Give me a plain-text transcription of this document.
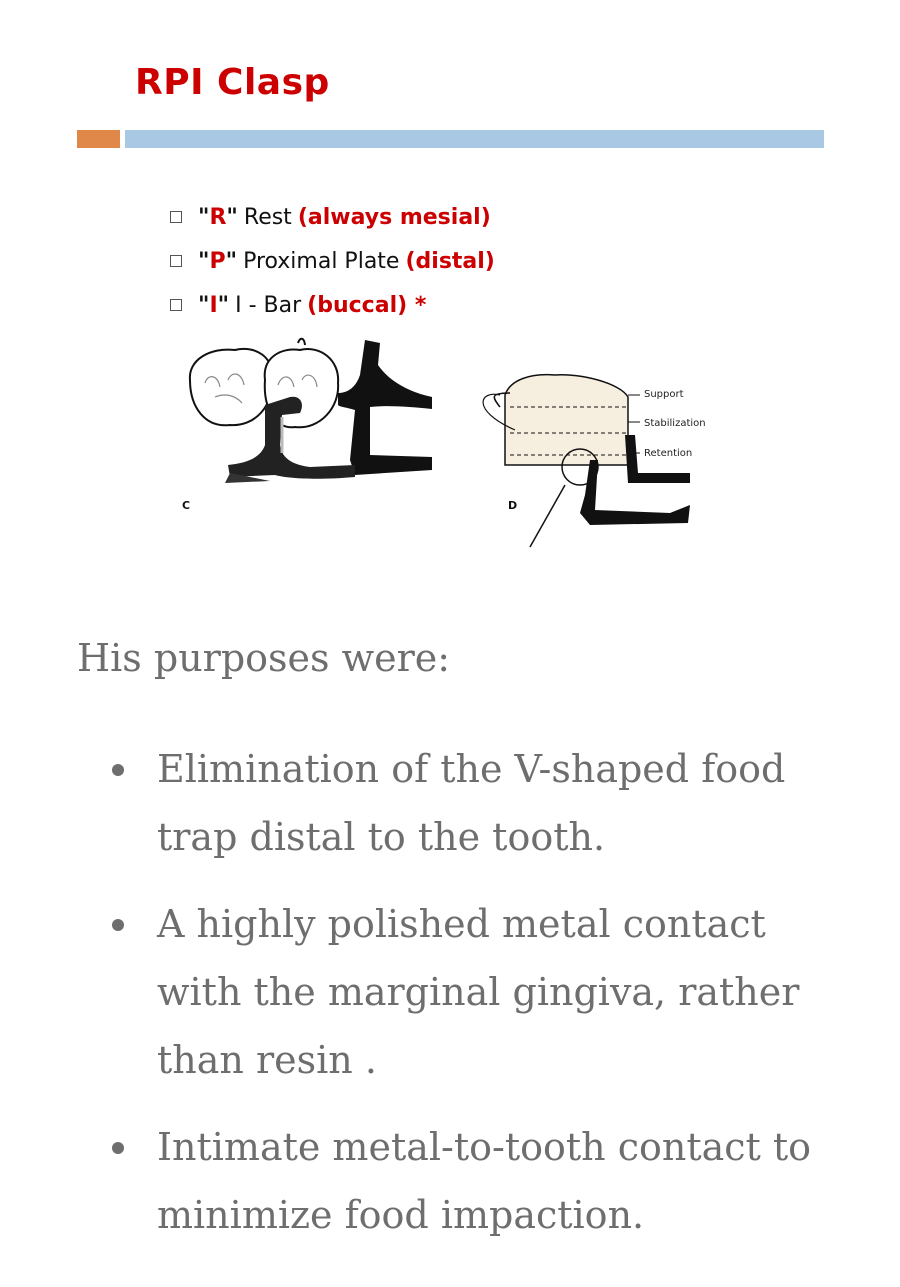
RPI Clasp
"R" Rest (always mesial)
"P" Proximal Plate (distal)
"I" I - Bar (buccal) *
C
Support
Stabilization
Retention
D
His purposes were:
Elimination of the V-shaped food trap distal to the tooth.
A highly polished metal contact with the marginal gingiva, rather than resin .
Intimate metal-to-tooth contact to minimize food impaction.
